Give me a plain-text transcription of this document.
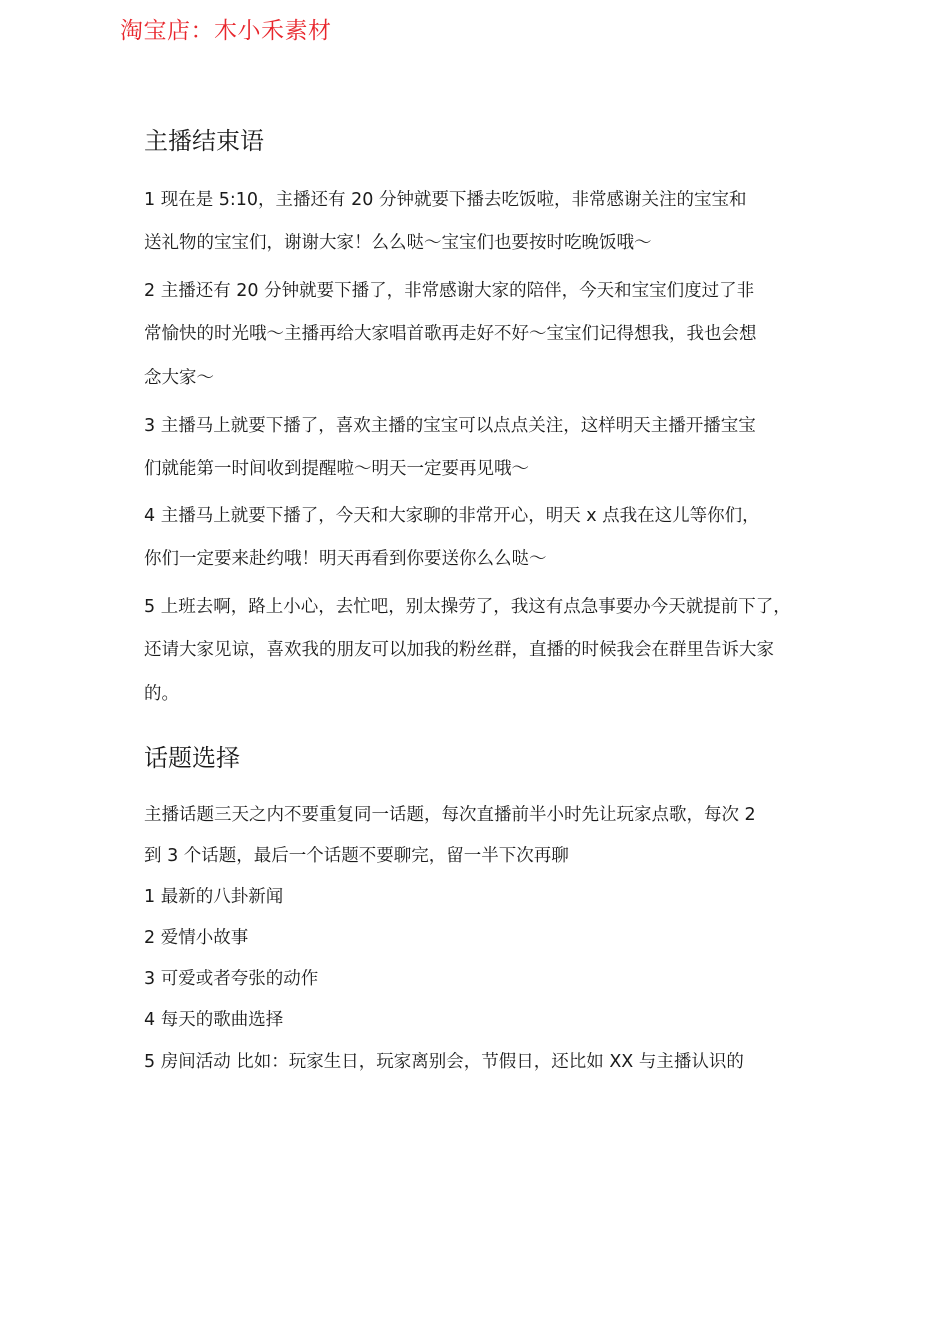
淘宝店：木小禾素材
主播结束语
1 现在是 5:10，主播还有 20 分钟就要下播去吃饭啦，非常感谢关注的宝宝和
送礼物的宝宝们，谢谢大家！么么哒～宝宝们也要按时吃晚饭哦～
2 主播还有 20 分钟就要下播了，非常感谢大家的陪伴，今天和宝宝们度过了非
常愉快的时光哦～主播再给大家唱首歌再走好不好～宝宝们记得想我，我也会想
念大家～
3 主播马上就要下播了，喜欢主播的宝宝可以点点关注，这样明天主播开播宝宝
们就能第一时间收到提醒啦～明天一定要再见哦～
4 主播马上就要下播了，今天和大家聊的非常开心，明天 x 点我在这儿等你们，
你们一定要来赴约哦！明天再看到你要送你么么哒～
5 上班去啊，路上小心，去忙吧，别太操劳了，我这有点急事要办今天就提前下了，
还请大家见谅，喜欢我的朋友可以加我的粉丝群，直播的时候我会在群里告诉大家
的。
话题选择
主播话题三天之内不要重复同一话题，每次直播前半小时先让玩家点歌，每次 2
到 3 个话题，最后一个话题不要聊完，留一半下次再聊
1 最新的八卦新闻
2 爱情小故事
3 可爱或者夸张的动作
4 每天的歌曲选择
5 房间活动 比如：玩家生日，玩家离别会，节假日，还比如 XX 与主播认识的
